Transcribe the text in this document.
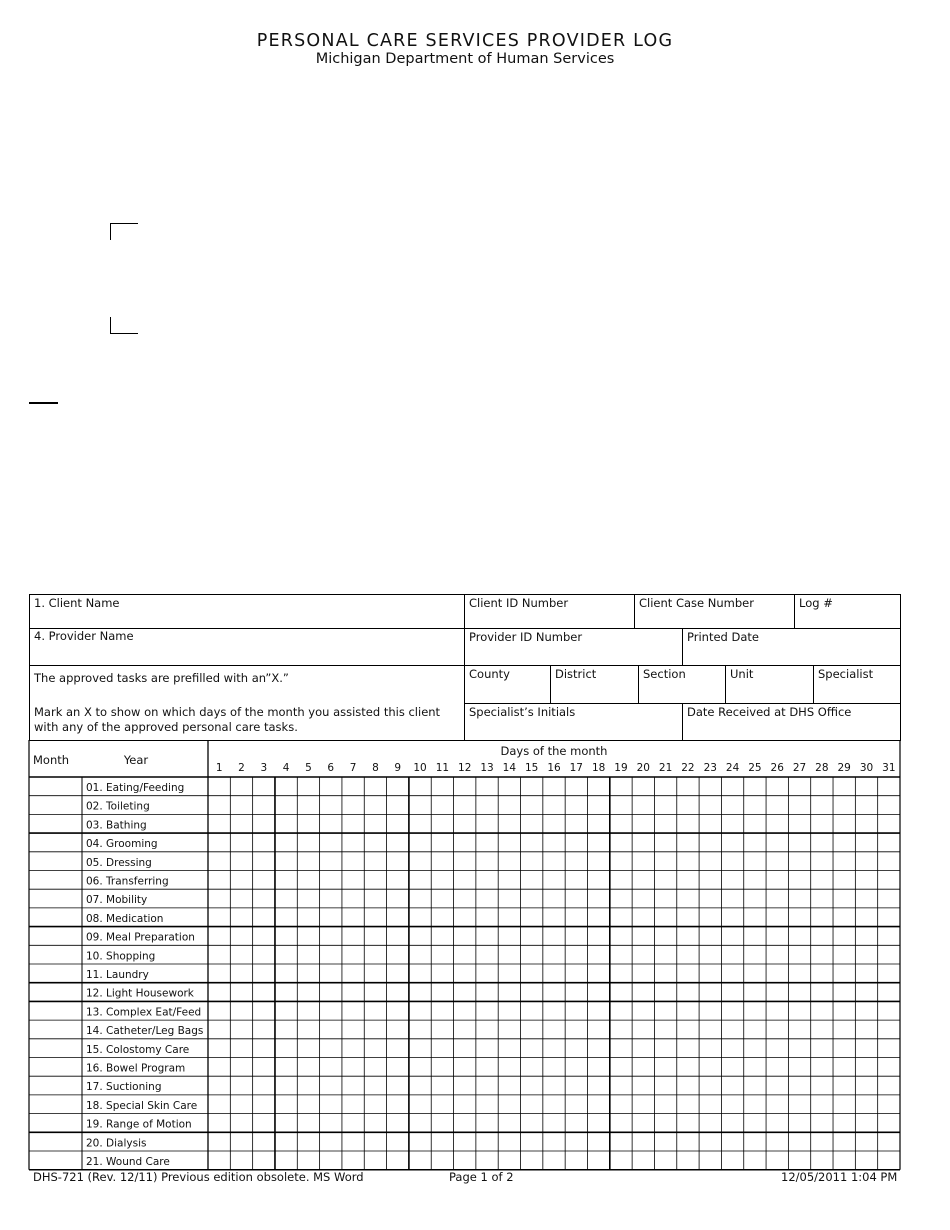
PERSONAL CARE SERVICES PROVIDER LOG
Michigan Department of Human Services
1. Client Name	Client ID Number	Client Case Number	Log #
4. Provider Name	Provider ID Number	Printed Date
The approved tasks are prefilled with an”X.”	County	District	Section	Unit	Specialist
Mark an X to show on which days of the month you assisted this client with any of the approved personal care tasks.
Specialist’s Initials	Date Received at DHS Office
Month	Year
Days of the month
1 2 3 4 5 6 7 8 9 10 11 12 13 14 15 16 17 18 19 20 21 22 23 24 25 26 27 28 29 30 31
01. Eating/Feeding
02. Toileting
03. Bathing
04. Grooming
05. Dressing
06. Transferring
07. Mobility
08. Medication
09. Meal Preparation
10. Shopping
11. Laundry
12. Light Housework
13. Complex Eat/Feed
14. Catheter/Leg Bags
15. Colostomy Care
16. Bowel Program
17. Suctioning
18. Special Skin Care
19. Range of Motion
20. Dialysis
21. Wound Care
DHS-721 (Rev. 12/11) Previous edition obsolete. MS Word	Page 1 of 2	12/05/2011 1:04 PM
